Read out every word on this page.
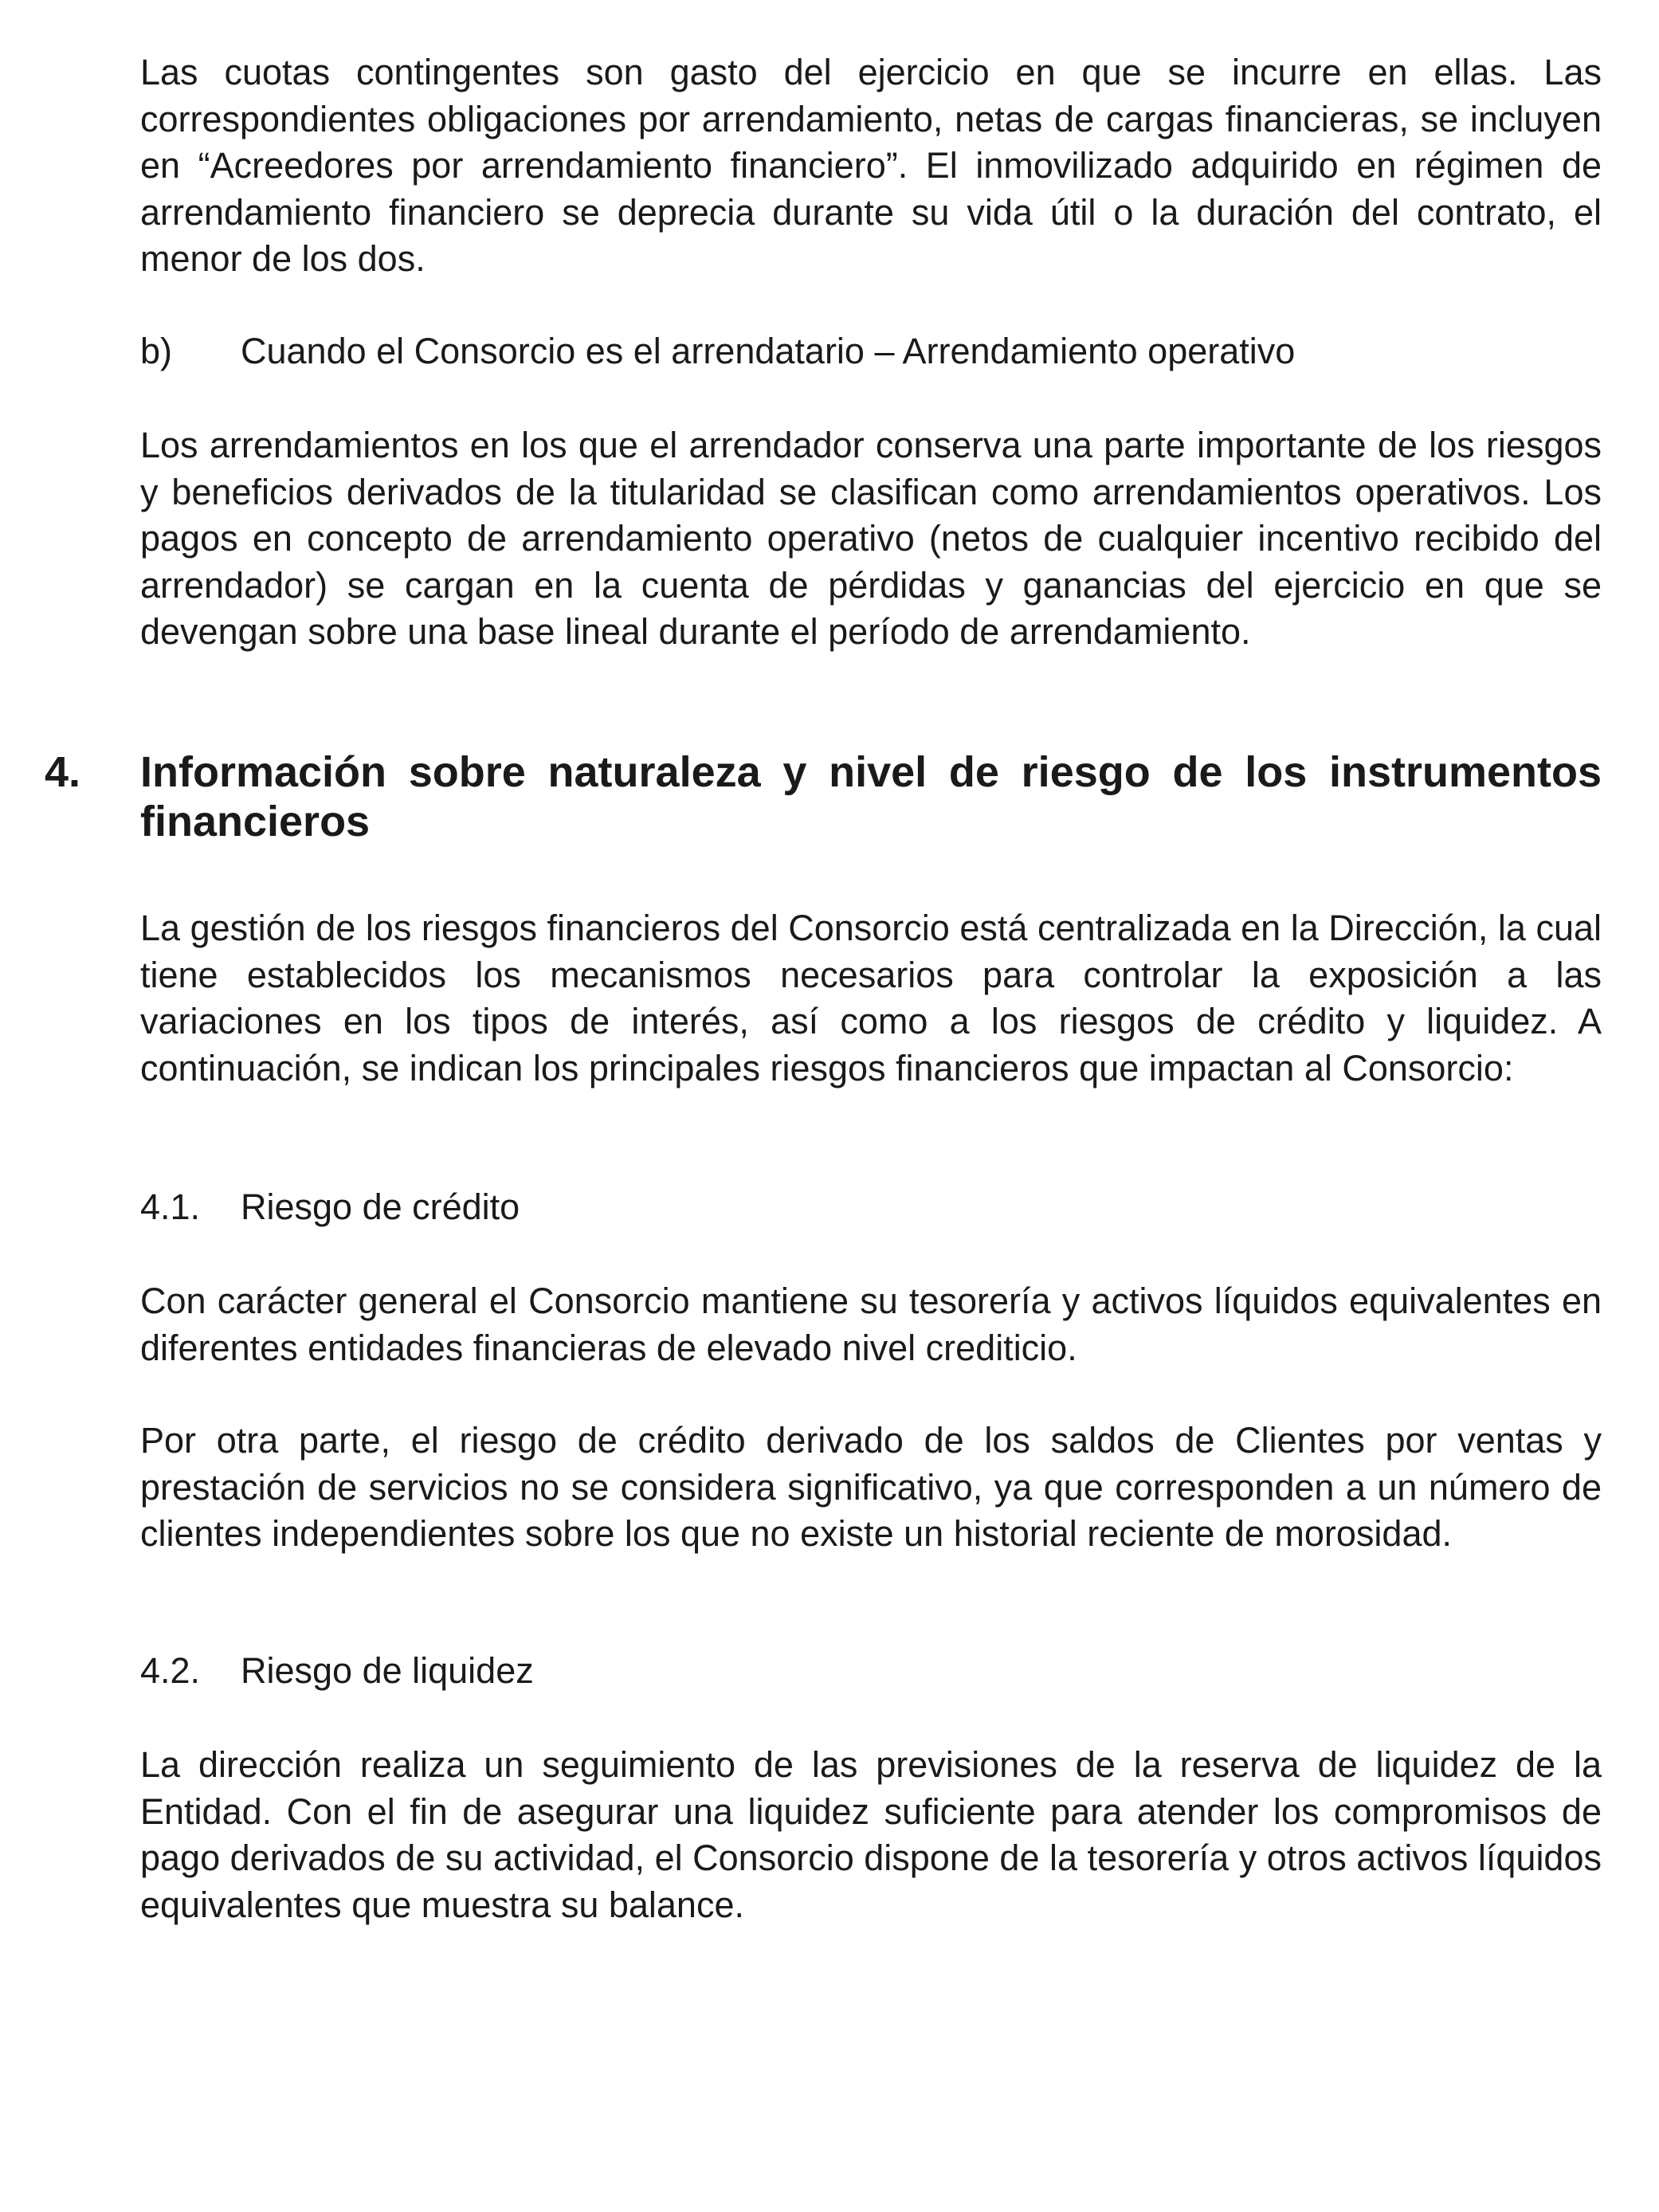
Las cuotas contingentes son gasto del ejercicio en que se incurre en ellas. Las correspondientes obligaciones por arrendamiento, netas de cargas financieras, se incluyen en “Acreedores por arrendamiento financiero”. El inmovilizado adquirido en régimen de arrendamiento financiero se deprecia durante su vida útil o la duración del contrato, el menor de los dos.

b) Cuando el Consorcio es el arrendatario – Arrendamiento operativo

Los arrendamientos en los que el arrendador conserva una parte importante de los riesgos y beneficios derivados de la titularidad se clasifican como arrendamientos operativos. Los pagos en concepto de arrendamiento operativo (netos de cualquier incentivo recibido del arrendador) se cargan en la cuenta de pérdidas y ganancias del ejercicio en que se devengan sobre una base lineal durante el período de arrendamiento.

4. Información sobre naturaleza y nivel de riesgo de los instrumentos financieros

La gestión de los riesgos financieros del Consorcio está centralizada en la Dirección, la cual tiene establecidos los mecanismos necesarios para controlar la exposición a las variaciones en los tipos de interés, así como a los riesgos de crédito y liquidez. A continuación, se indican los principales riesgos financieros que impactan al Consorcio:

4.1. Riesgo de crédito

Con carácter general el Consorcio mantiene su tesorería y activos líquidos equivalentes en diferentes entidades financieras de elevado nivel crediticio.

Por otra parte, el riesgo de crédito derivado de los saldos de Clientes por ventas y prestación de servicios no se considera significativo, ya que corresponden a un número de clientes independientes sobre los que no existe un historial reciente de morosidad.

4.2. Riesgo de liquidez

La dirección realiza un seguimiento de las previsiones de la reserva de liquidez de la Entidad. Con el fin de asegurar una liquidez suficiente para atender los compromisos de pago derivados de su actividad, el Consorcio dispone de la tesorería y otros activos líquidos equivalentes que muestra su balance.
